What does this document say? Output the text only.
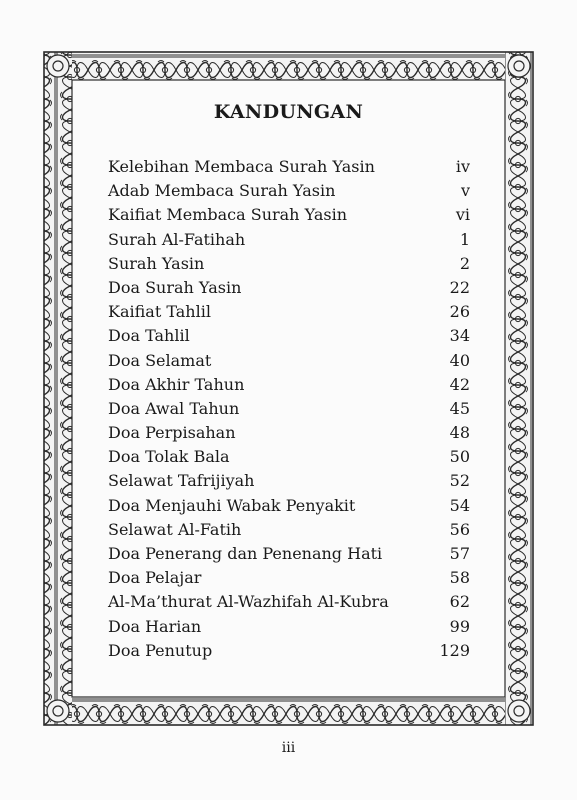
KANDUNGAN
Kelebihan Membaca Surah Yasin	iv
Adab Membaca Surah Yasin	v
Kaifiat Membaca Surah Yasin	vi
Surah Al-Fatihah	1
Surah Yasin	2
Doa Surah Yasin	22
Kaifiat Tahlil	26
Doa Tahlil	34
Doa Selamat	40
Doa Akhir Tahun	42
Doa Awal Tahun	45
Doa Perpisahan	48
Doa Tolak Bala	50
Selawat Tafrijiyah	52
Doa Menjauhi Wabak Penyakit	54
Selawat Al-Fatih	56
Doa Penerang dan Penenang Hati	57
Doa Pelajar	58
Al-Ma’thurat Al-Wazhifah Al-Kubra	62
Doa Harian	99
Doa Penutup	129
iii
